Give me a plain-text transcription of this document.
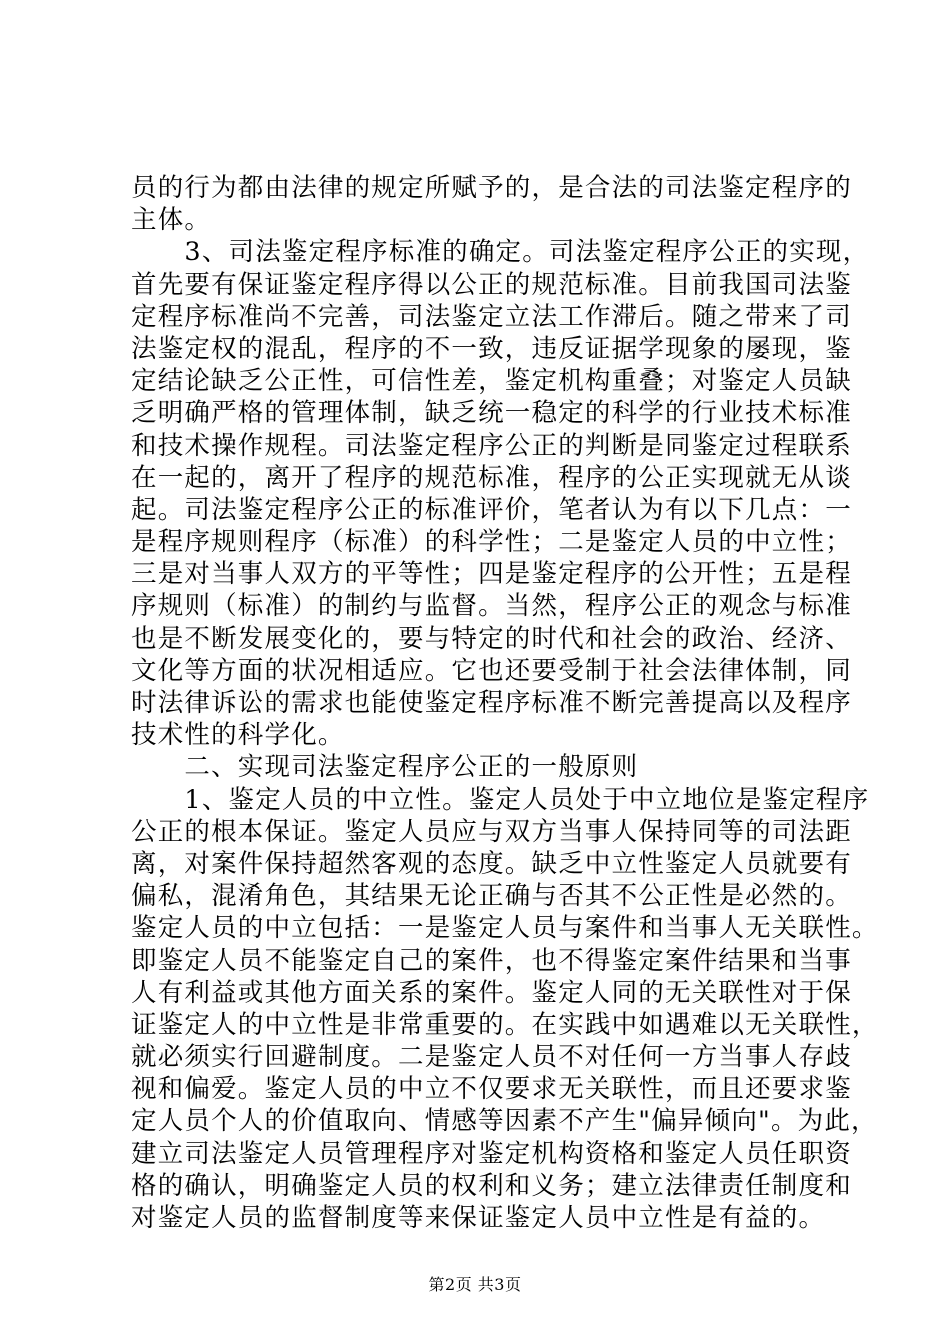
员的行为都由法律的规定所赋予的，是合法的司法鉴定程序的
主体。
　　3、司法鉴定程序标准的确定。司法鉴定程序公正的实现，
首先要有保证鉴定程序得以公正的规范标准。目前我国司法鉴
定程序标准尚不完善，司法鉴定立法工作滞后。随之带来了司
法鉴定权的混乱，程序的不一致，违反证据学现象的屡现，鉴
定结论缺乏公正性，可信性差，鉴定机构重叠；对鉴定人员缺
乏明确严格的管理体制，缺乏统一稳定的科学的行业技术标准
和技术操作规程。司法鉴定程序公正的判断是同鉴定过程联系
在一起的，离开了程序的规范标准，程序的公正实现就无从谈
起。司法鉴定程序公正的标准评价，笔者认为有以下几点：一
是程序规则程序（标准）的科学性；二是鉴定人员的中立性；
三是对当事人双方的平等性；四是鉴定程序的公开性；五是程
序规则（标准）的制约与监督。当然，程序公正的观念与标准
也是不断发展变化的，要与特定的时代和社会的政治、经济、
文化等方面的状况相适应。它也还要受制于社会法律体制，同
时法律诉讼的需求也能使鉴定程序标准不断完善提高以及程序
技术性的科学化。
　　二、实现司法鉴定程序公正的一般原则
　　1、鉴定人员的中立性。鉴定人员处于中立地位是鉴定程序
公正的根本保证。鉴定人员应与双方当事人保持同等的司法距
离，对案件保持超然客观的态度。缺乏中立性鉴定人员就要有
偏私，混淆角色，其结果无论正确与否其不公正性是必然的。
鉴定人员的中立包括：一是鉴定人员与案件和当事人无关联性。
即鉴定人员不能鉴定自己的案件，也不得鉴定案件结果和当事
人有利益或其他方面关系的案件。鉴定人同的无关联性对于保
证鉴定人的中立性是非常重要的。在实践中如遇难以无关联性，
就必须实行回避制度。二是鉴定人员不对任何一方当事人存歧
视和偏爱。鉴定人员的中立不仅要求无关联性，而且还要求鉴
定人员个人的价值取向、情感等因素不产生"偏异倾向"。为此，
建立司法鉴定人员管理程序对鉴定机构资格和鉴定人员任职资
格的确认，明确鉴定人员的权利和义务；建立法律责任制度和
对鉴定人员的监督制度等来保证鉴定人员中立性是有益的。
第2页 共3页
